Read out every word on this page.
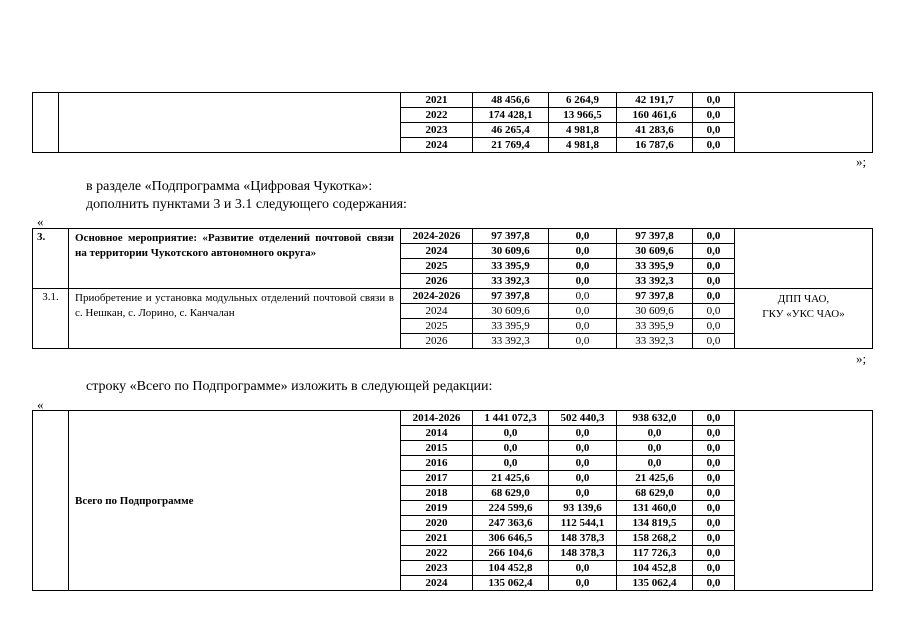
		2021	48 456,6	6 264,9	42 191,7	0,0	
		2022	174 428,1	13 966,5	160 461,6	0,0	
		2023	46 265,4	4 981,8	41 283,6	0,0	
		2024	21 769,4	4 981,8	16 787,6	0,0	
»;
в разделе «Подпрограмма «Цифровая Чукотка»:
дополнить пунктами 3 и 3.1 следующего содержания:
«
3.	Основное мероприятие: «Развитие отделений почтовой связи на территории Чукотского автономного округа»	2024-2026	97 397,8	0,0	97 397,8	0,0	
		2024	30 609,6	0,0	30 609,6	0,0	
		2025	33 395,9	0,0	33 395,9	0,0	
		2026	33 392,3	0,0	33 392,3	0,0	
3.1.	Приобретение и установка модульных отделений почтовой связи в с. Нешкан, с. Лорино, с. Канчалан	2024-2026	97 397,8	0,0	97 397,8	0,0	ДПП ЧАО,
ГКУ «УКС ЧАО»

		2024	30 609,6	0,0	30 609,6	0,0	
		2025	33 395,9	0,0	33 395,9	0,0	
		2026	33 392,3	0,0	33 392,3	0,0	
»;
строку «Всего по Подпрограмме» изложить в следующей редакции:
«
	Всего по Подпрограмме	2014-2026	1 441 072,3	502 440,3	938 632,0	0,0	
		2014	0,0	0,0	0,0	0,0	
		2015	0,0	0,0	0,0	0,0	
		2016	0,0	0,0	0,0	0,0	
		2017	21 425,6	0,0	21 425,6	0,0	
		2018	68 629,0	0,0	68 629,0	0,0	
		2019	224 599,6	93 139,6	131 460,0	0,0	
		2020	247 363,6	112 544,1	134 819,5	0,0	
		2021	306 646,5	148 378,3	158 268,2	0,0	
		2022	266 104,6	148 378,3	117 726,3	0,0	
		2023	104 452,8	0,0	104 452,8	0,0	
		2024	135 062,4	0,0	135 062,4	0,0	
